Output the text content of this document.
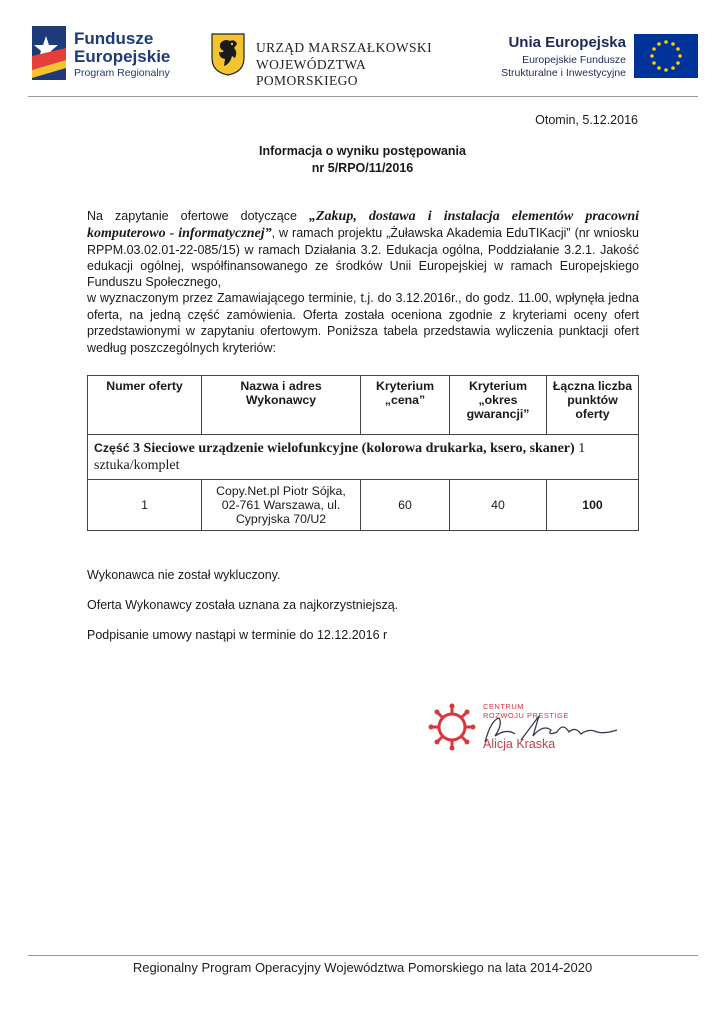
Fundusze
Europejskie
Program Regionalny
URZĄD MARSZAŁKOWSKI
WOJEWÓDZTWA POMORSKIEGO
Unia Europejska
Europejskie Fundusze
Strukturalne i Inwestycyjne
Otomin, 5.12.2016
Informacja o wyniku postępowania
nr 5/RPO/11/2016
Na zapytanie ofertowe dotyczące „Zakup, dostawa i instalacja elementów pracowni komputerowo - informatycznej”, w ramach projektu „Żuławska Akademia EduTIKacji” (nr wniosku RPPM.03.02.01-22-085/15) w ramach Działania 3.2. Edukacja ogólna, Poddziałanie 3.2.1. Jakość edukacji ogólnej, współfinansowanego ze środków Unii Europejskiej w ramach Europejskiego Funduszu Społecznego,
w wyznaczonym przez Zamawiającego terminie, t.j. do 3.12.2016r., do godz. 11.00, wpłynęła jedna oferta, na jedną część zamówienia. Oferta została oceniona zgodnie z kryteriami oceny ofert przedstawionymi w zapytaniu ofertowym. Poniższa tabela przedstawia wyliczenia punktacji ofert według poszczególnych kryteriów:
Numer oferty	Nazwa i adres Wykonawcy	Kryterium „cena”	Kryterium „okres gwarancji”	Łączna liczba punktów oferty
Część 3 Sieciowe urządzenie wielofunkcyjne (kolorowa drukarka, ksero, skaner) 1 sztuka/komplet				
1	Copy.Net.pl Piotr Sójka, 02-761 Warszawa, ul. Cypryjska 70/U2	60	40	100
Wykonawca nie został wykluczony.
Oferta Wykonawcy została uznana za najkorzystniejszą.
Podpisanie umowy nastąpi w terminie do 12.12.2016 r
CENTRUM
ROZWOJU PRESTIGE
Alicja Kraska
Regionalny Program Operacyjny Województwa Pomorskiego na lata 2014-2020
